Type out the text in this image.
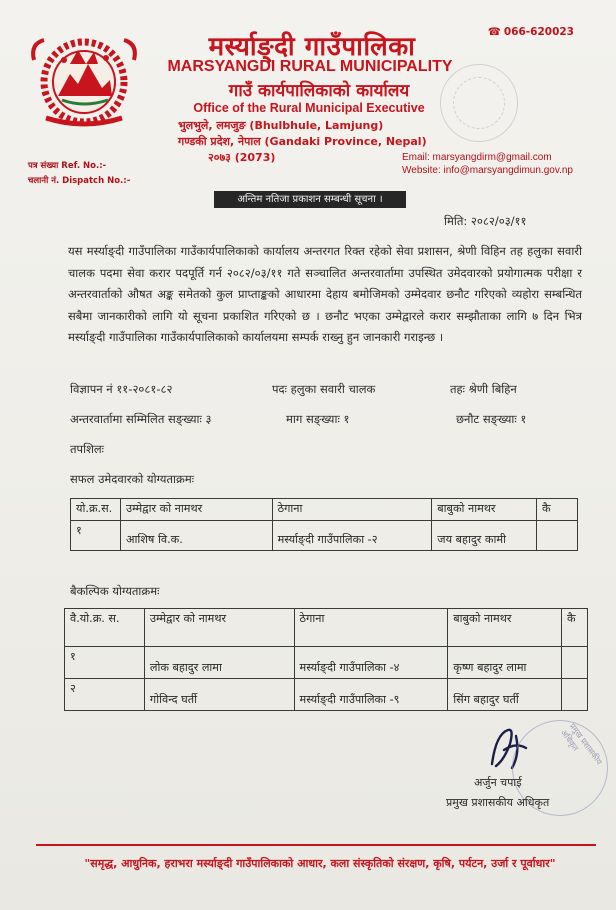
☎ 066-620023
मर्स्याङ्दी गाउँपालिका
MARSYANGDI RURAL MUNICIPALITY
गाउँ कार्यपालिकाको कार्यालय
Office of the Rural Municipal Executive
भुलभुले, लमजुङ (Bhulbhule, Lamjung)
गण्डकी प्रदेश, नेपाल (Gandaki Province, Nepal)
२०७३ (2073)	Email: marsyangdirm@gmail.com
Website: info@marsyangdimun.gov.np
पत्र संख्या Ref. No.:-
चलानी नं. Dispatch No.:-
अन्तिम नतिजा प्रकाशन सम्बन्धी सूचना ।
मिति: २०८२/०३/११
यस मर्स्याङ्दी गाउँपालिका गाउँकार्यपालिकाको कार्यालय अन्तरगत रिक्त रहेको सेवा प्रशासन, श्रेणी विहिन तह हलुका सवारी चालक पदमा सेवा करार पदपूर्ति गर्न २०८२/०३/११ गते सञ्चालित अन्तरवार्तामा उपस्थित उमेदवारको प्रयोगात्मक परीक्षा र अन्तरवार्ताको औषत अङ्क समेतको कुल प्राप्ताङ्कको आधारमा देहाय बमोजिमको उम्मेदवार छनौट गरिएको व्यहोरा सम्बन्धित सबैमा जानकारीको लागि यो सूचना प्रकाशित गरिएको छ । छनौट भएका उम्मेद्वारले करार सम्झौताका लागि ७ दिन भित्र मर्स्याङ्दी गाउँपालिका गाउँकार्यपालिकाको कार्यालयमा सम्पर्क राख्नु हुन जानकारी गराइन्छ ।
विज्ञापन नं ११-२०८१-८२	पदः हलुका सवारी चालक	तहः श्रेणी बिहिन
अन्तरवार्तामा सम्मिलित सङ्ख्याः ३	माग सङ्ख्याः १	छनौट सङ्ख्याः १
तपशिलः
सफल उमेदवारको योग्यताक्रमः
यो.क्र.स.	उम्मेद्वार को नामथर	ठेगाना	बाबुको नामथर	कै
१	आशिष वि.क.	मर्स्याङ्दी गाउँपालिका -२	जय बहादुर कामी	
बैकल्पिक योग्यताक्रमः
वै.यो.क्र. स.	उम्मेद्वार को नामथर	ठेगाना	बाबुको नामथर	कै
१	लोक बहादुर लामा	मर्स्याङ्दी गाउँपालिका -४	कृष्ण बहादुर लामा	
२	गोविन्द घर्ती	मर्स्याङ्दी गाउँपालिका -९	सिंग बहादुर घर्ती	
प्रमुख प्रशासकीय अधिकृत
अर्जुन चपाई
प्रमुख प्रशासकीय अधिकृत
"समृद्ध, आधुनिक, हराभरा मर्स्याङ्दी गाउँपालिकाको आधार, कला संस्कृतिको संरक्षण, कृषि, पर्यटन, उर्जा र पूर्वाधार"
